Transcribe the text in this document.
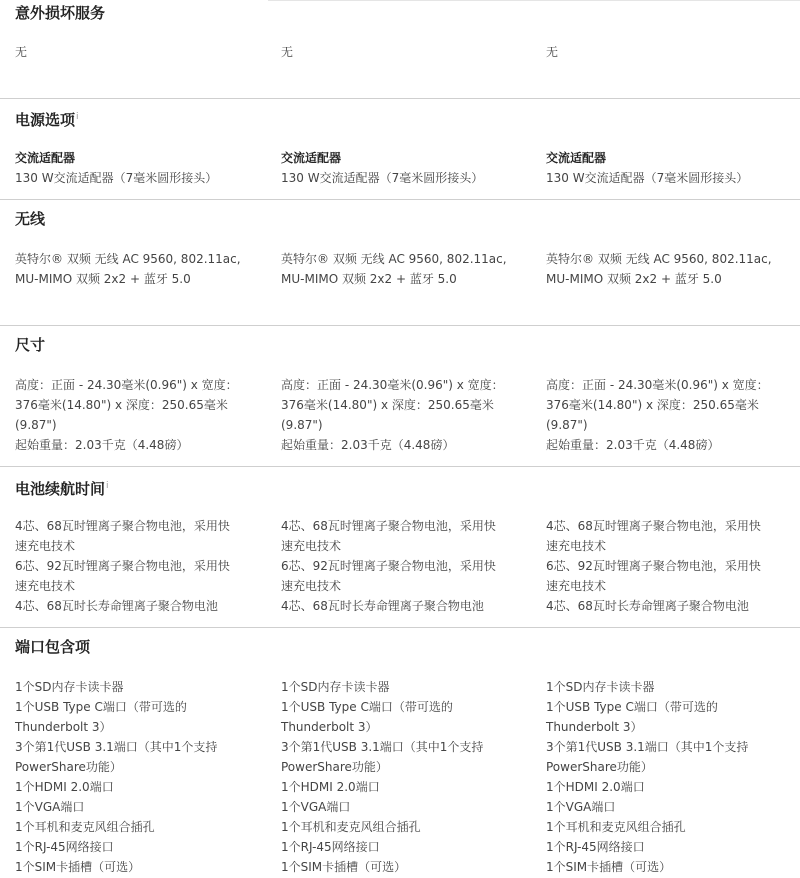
意外损坏服务
无	无	无
电源选项$^i$
交流适配器
130 W交流适配器（7毫米圆形接头）
交流适配器
130 W交流适配器（7毫米圆形接头）
交流适配器
130 W交流适配器（7毫米圆形接头）
无线
英特尔® 双频 无线 AC 9560, 802.11ac,
MU-MIMO 双频 2x2 + 蓝牙 5.0
英特尔® 双频 无线 AC 9560, 802.11ac,
MU-MIMO 双频 2x2 + 蓝牙 5.0
英特尔® 双频 无线 AC 9560, 802.11ac,
MU-MIMO 双频 2x2 + 蓝牙 5.0
尺寸
高度：正面 - 24.30毫米(0.96") x 宽度：
376毫米(14.80") x 深度：250.65毫米
(9.87")
起始重量：2.03千克（4.48磅）
高度：正面 - 24.30毫米(0.96") x 宽度：
376毫米(14.80") x 深度：250.65毫米
(9.87")
起始重量：2.03千克（4.48磅）
高度：正面 - 24.30毫米(0.96") x 宽度：
376毫米(14.80") x 深度：250.65毫米
(9.87")
起始重量：2.03千克（4.48磅）
电池续航时间$^i$
4芯、68瓦时锂离子聚合物电池，采用快
速充电技术
6芯、92瓦时锂离子聚合物电池，采用快
速充电技术
4芯、68瓦时长寿命锂离子聚合物电池
4芯、68瓦时锂离子聚合物电池，采用快
速充电技术
6芯、92瓦时锂离子聚合物电池，采用快
速充电技术
4芯、68瓦时长寿命锂离子聚合物电池
4芯、68瓦时锂离子聚合物电池，采用快
速充电技术
6芯、92瓦时锂离子聚合物电池，采用快
速充电技术
4芯、68瓦时长寿命锂离子聚合物电池
端口包含项
1个SD内存卡读卡器
1个USB Type C端口（带可选的
Thunderbolt 3）
3个第1代USB 3.1端口（其中1个支持
PowerShare功能）
1个HDMI 2.0端口
1个VGA端口
1个耳机和麦克风组合插孔
1个RJ-45网络接口
1个SIM卡插槽（可选）
1个SD内存卡读卡器
1个USB Type C端口（带可选的
Thunderbolt 3）
3个第1代USB 3.1端口（其中1个支持
PowerShare功能）
1个HDMI 2.0端口
1个VGA端口
1个耳机和麦克风组合插孔
1个RJ-45网络接口
1个SIM卡插槽（可选）
1个SD内存卡读卡器
1个USB Type C端口（带可选的
Thunderbolt 3）
3个第1代USB 3.1端口（其中1个支持
PowerShare功能）
1个HDMI 2.0端口
1个VGA端口
1个耳机和麦克风组合插孔
1个RJ-45网络接口
1个SIM卡插槽（可选）
